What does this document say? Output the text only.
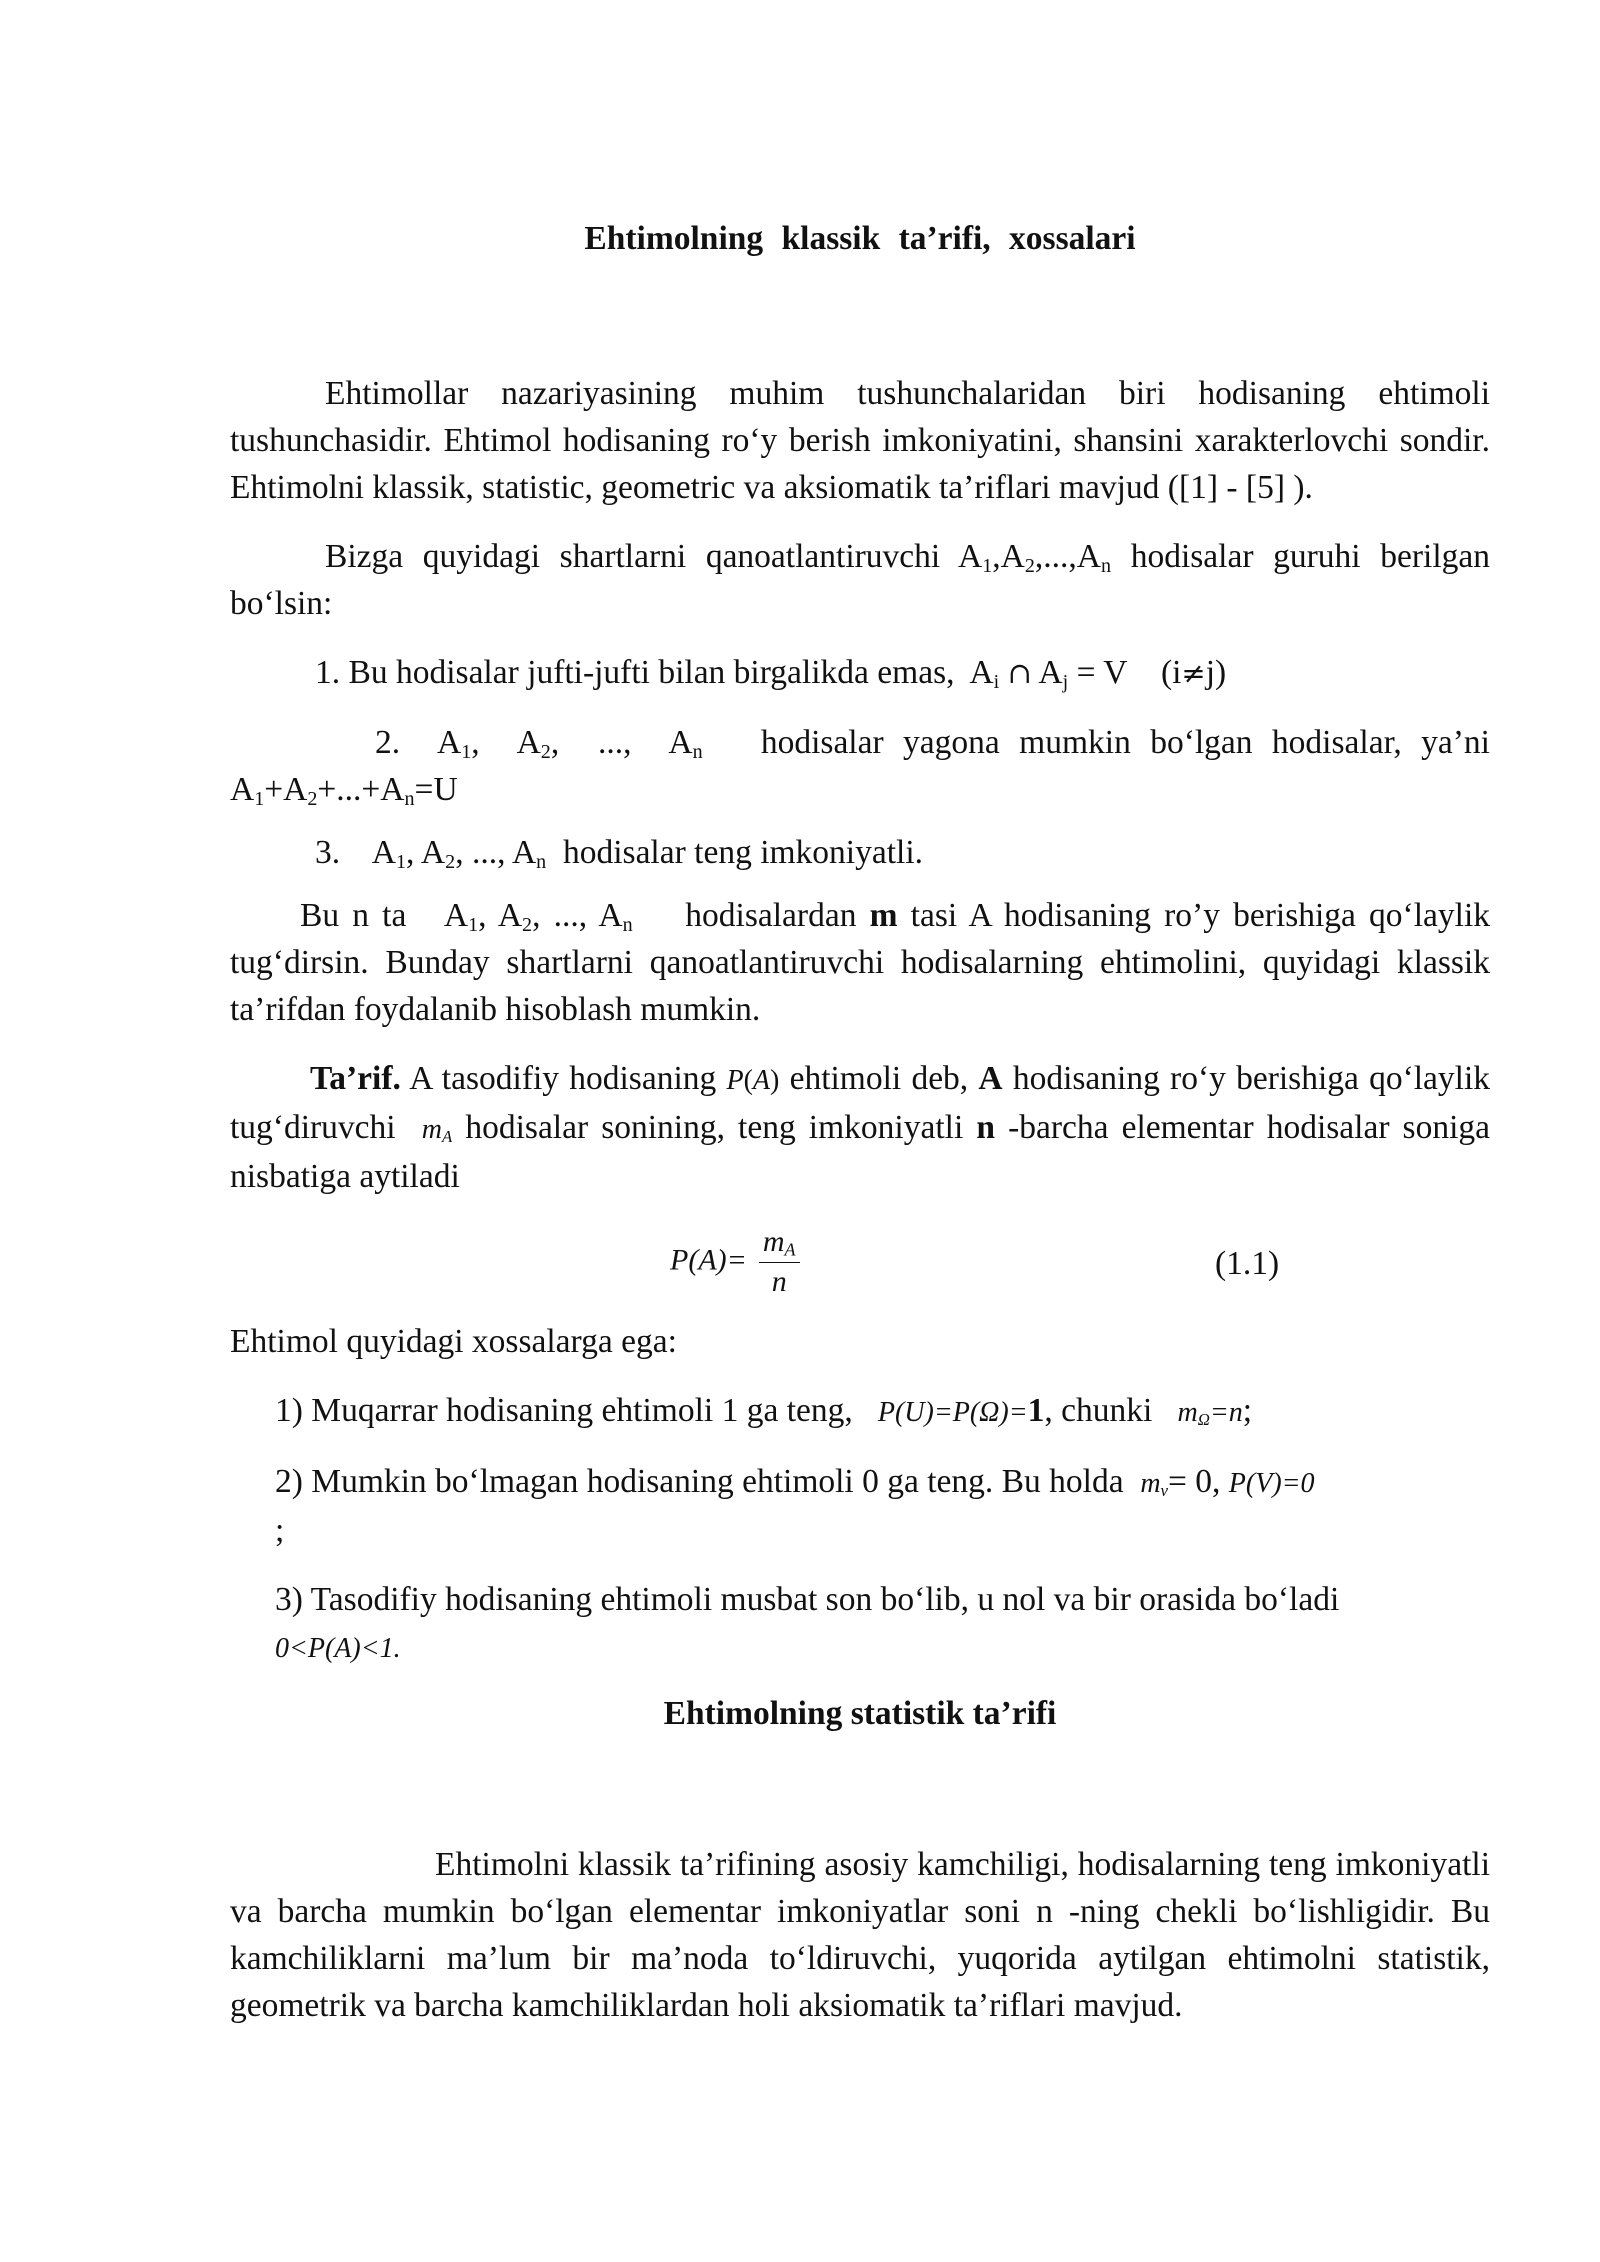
Ehtimolning klassik ta’rifi, xossalari

Ehtimollar nazariyasining muhim tushunchalaridan biri hodisaning ehtimoli tushunchasidir. Ehtimol hodisaning ro‘y berish imkoniyatini, shansini xarakterlovchi sondir. Ehtimolni klassik, statistic, geometric va aksiomatik ta’riflari mavjud ([1] - [5] ).

Bizga quyidagi shartlarni qanoatlantiruvchi $A_1,A_2,...,A_n$ hodisalar guruhi berilgan bo‘lsin:

1. Bu hodisalar jufti-jufti bilan birgalikda emas,  $A_i$ ∩ $A_j = V$ (i≠j)

2.  $A_1$,  $A_2$,  ...,  $A_n$ hodisalar yagona mumkin bo‘lgan hodisalar, ya’ni $A_1+A_2+...+A_n=U$

3.    $A_1$, $A_2$, ..., $A_n$ hodisalar teng imkoniyatli.

Bu n ta   $A_1$, $A_2$, ..., $A_n$ hodisalardan m tasi A hodisaning ro’y berishiga qo‘laylik tug‘dirsin. Bunday shartlarni qanoatlantiruvchi hodisalarning ehtimolini, quyidagi klassik ta’rifdan foydalanib hisoblash mumkin.

Ta’rif. A tasodifiy hodisaning P(A) ehtimoli deb, A hodisaning ro‘y berishiga qo‘laylik tug‘diruvchi $m_A$ hodisalar sonining, teng imkoniyatli n -barcha elementar hodisalar soniga nisbatiga aytiladi

$P(A)= \frac{m_A}{n}$	(1.1)

Ehtimol quyidagi xossalarga ega:

1) Muqarrar hodisaning ehtimoli 1 ga teng, P(U)=P(Ω)=1, chunki $m_\Omega=n$;

2) Mumkin bo‘lmagan hodisaning ehtimoli 0 ga teng. Bu holda $m_v= 0$, P(V)=0
;

3) Tasodifiy hodisaning ehtimoli musbat son bo‘lib, u nol va bir orasida bo‘ladi
0<P(A)<1.

Ehtimolning statistik ta’rifi

Ehtimolni klassik ta’rifining asosiy kamchiligi, hodisalarning teng imkoniyatli va barcha mumkin bo‘lgan elementar imkoniyatlar soni n -ning chekli bo‘lishligidir. Bu kamchiliklarni ma’lum bir ma’noda to‘ldiruvchi, yuqorida aytilgan ehtimolni statistik, geometrik va barcha kamchiliklardan holi aksiomatik ta’riflari mavjud.
